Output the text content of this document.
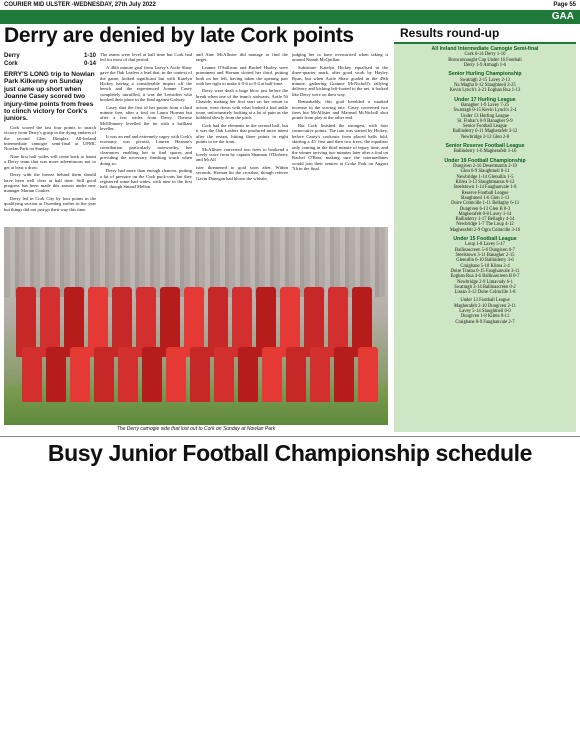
COURIER MID ULSTER -WEDNESDAY, 27th July 2022	Page 55
GAA
Derry are denied by late Cork points
Derry	1-10
Cork	0-14

ERRY'S LONG trip to Nowlan Park Kilkenny on Sunday just came up short when Joanne Casey scored two injury-time points from frees to clinch victory for Cork's juniors.

Cork scored the last four points to snatch victory from Derry's grasp in the dying embers of the second Glen Dimplex All-Ireland intermediate camogie semi-final at UPMC Nowlan Park on Sunday.

Nine first half wides will come back to haunt a Derry team that was more adventurous not to get at least a draw.

Derry with the breeze behind them should have been well clear at half time. Still good progress has been made this season under new manager Marian Coulter.

Derry led in Cork City by four points in the qualifying section at Owenbeg earlier in the year but things did not just go their way this time.

The teams were level at half time but Cork had led for most of that period.

A 46th minute goal from Leavy's Aoife Shaw gave the Oak Leafers a lead that, in the context of the game, looked significant but with Katelyn Hickey having a considerable impact off the bench and the experienced Joanne Casey completely unruffled, it was the Leesiders who booked their place in the final against Galway.

Casey shot the first of her points from a third minute free, after a foul on Laura Hornan but after a few wides from Derry, Therese McElhinney levelled the tie with a brilliant leveller.

It was an end and extremely cagey with Cork's economy was pivotal, Lauren Heanon's contribution particularly noteworthy, her clearances enabling her to find spaces and providing the necessary finishing touch when doing so.

Derry had more than enough chances, putting a lot of pressure on the Cork puck-outs but they registered some bad wides, with nine in the first half, though Sinead Mellon

and Aine McAllister did manage to find the target.

Leanne O'Sullivan and Rachel Hurley were prominent and Hornan slotted her third, putting both on her left, having taken the opening pair with her right to make it 0-6 to 0-4 at half-time.

Derry were dealt a huge blow just before the break when one of the team's stalwarts, Aoife Ni Chaside, making her first start on her return to action, went down with what looked a bad ankle issue, unfortunately looking at a lot of pain as she hobbled slowly from the pitch.

Cork had the elements in the second half, but it was the Oak Leafers that produced more intent after the restart, hitting three points in eight points to tie the front.

McAllister converted two frees to bookend a lovely score from by captain Shannon O'Doherty and McAll

ister threatened to goal soon after. Within seconds, Hornan hit the crossbar, though referee Gavin Donegan had blown the whistle,

judging her to have overcarried when taking it around Niamh McQuillan.

Substitute Katelyn Hickey equalised at the three-quarter mark, after good work by Hayley Ryan, but when Aoife Shaw goaled in the 49th minute, gathering Grainne McNicholl's rallying delivery and kicking left-footed to the net, it looked like Derry were on their way.

Remarkably, this goal heralded a marked increase in the scoring rate. Casey converted two frees but McAllister and Mairead McNicholl shot points from play at the other end.

But Cork finished the strongest, with four consecutive points. The rain was started by Hickey, before Casey's cookouts from placed balls fold, skirting a 45' first and then two frees, the equaliser only coming in the third minute of injury time, and the winner arriving two minutes later after a foul on Rachel O'Hara, making sure the intermediates would join their seniors at Croke Park on August 7th in the final.

The Derry camogie side that lost out to Cork on Sunday at Nowlan Park
Results round-up
All Ireland Intermediate Camogie Semi-final
Cork 0-14 Derry 1-10
Bronconnaught Cup Under 16 Football
Derry 1-9 Armagh 1-6
Senior Hurling Championship
Swatragh 2-15 Lavey 2-13
Na Magha 0-12 Slaughtneil 2-25
Kevin Lynch's 3-21 Eoghan Rua 1-13
Under 17 Hurling League
Banagher 1-9 Lavey 7-25
Swatragh 0-15 Kevin Lynch's 2-4
Under 13 Hurling League
St. Finbar's 0-9 Banagher 9-9
Senior Football League
Ballinderry 0-11 Magherafelt 3-12
Newbridge 2-12 Glen 2-8
Senior Reserve Football League
Ballinderry 1-6 Magherafelt 1-16
Under 19 Football Championship
Dungiven 2-16 Desertmartin 2-19
Glen 0-9 Slaughtneil 0-11
Newbridge 1-14 Glenullin 1-5
Kilrea 3-13 Slaughtmanus 0-12
Steelstown 1-14 Faughanvale 1-8
Reserve Football League
Slaughtneil 1-6 Glen 1-13
Doire Colmcille 1-11 Bellaghy 6-13
Dungiven 6-13 Glen B 0-3
Magherafelt 0-8 Lavey 1-14
Ballinderry 1-17 Bellaghy 4-14
Newbridge 1-7 The Loup 4-12
Magherafelt 2-9 Ogra Colmcille 3-16
Under 15 Football League
Loup 1-8 Lavey 5-17
Ballinascreen 5-6 Dungiven 0-7
Steelstown 3-11 Banagher 2-15
Glenullin 6-10 Ballinderry 3-6
Craigbane 5-18 Kilrea 2-4
Doire Trasna 0-15 Faughanvale 3-11
Eoghan Rua 4-6 Ballinascreen B 0-7
Newbridge 2-9 Limavady 6-1
Swatragh 3-14 Ballinascreen 0-2
Lissan 3-12 Doire Colmcille 1-8
Under 13 Football League
Magherafelt 2-10 Dungiven 2-11
Lavey 5-14 Slaughtneil 0-0
Dungiven 1-8 Kilrea 0-11
Craigbane 8-9 Faughanvale 2-7
Busy Junior Football Championship schedule
